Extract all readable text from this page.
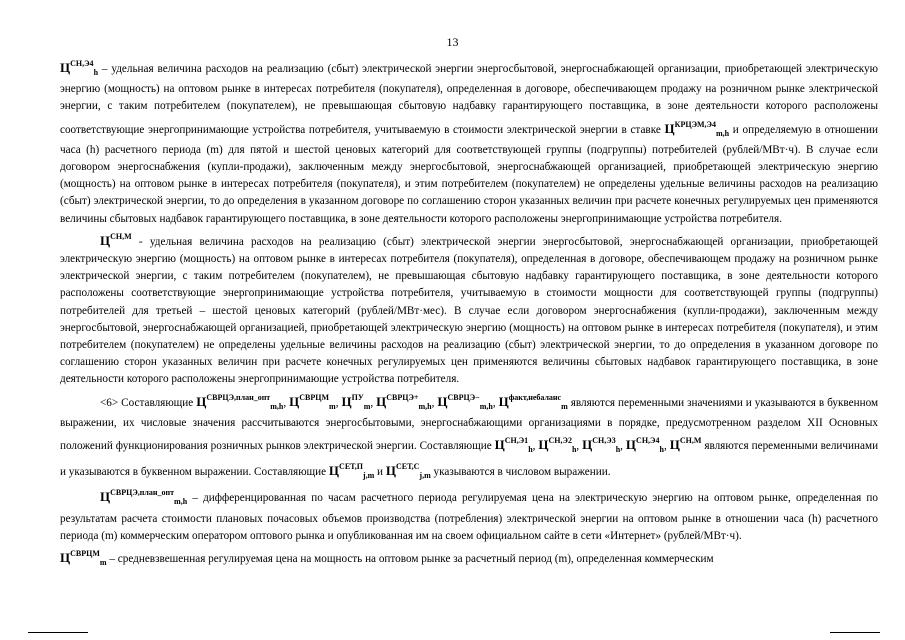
13

$Ц^{СН,Э4}_h$ – удельная величина расходов на реализацию (сбыт) электрической энергии энергосбытовой, энергоснабжающей организации, приобретающей электрическую энергию (мощность) на оптовом рынке в интересах потребителя (покупателя), определенная в договоре, обеспечивающем продажу на розничном рынке электрической энергии, с таким потребителем (покупателем), не превышающая сбытовую надбавку гарантирующего поставщика, в зоне деятельности которого расположены соответствующие энергопринимающие устройства потребителя, учитываемую в стоимости электрической энергии в ставке $Ц^{КРЦЭМ,Э4}_{m,h}$ и определяемую в отношении часа (h) расчетного периода (m) для пятой и шестой ценовых категорий для соответствующей группы (подгруппы) потребителей (рублей/МВт·ч). В случае если договором энергоснабжения (купли-продажи), заключенным между энергосбытовой, энергоснабжающей организацией, приобретающей электрическую энергию (мощность) на оптовом рынке в интересах потребителя (покупателя), и этим потребителем (покупателем) не определены удельные величины расходов на реализацию (сбыт) электрической энергии, то до определения в указанном договоре по соглашению сторон указанных величин при расчете конечных регулируемых цен применяются величины сбытовых надбавок гарантирующего поставщика, в зоне деятельности которого расположены энергопринимающие устройства потребителя.

$Ц^{СН,М}$ - удельная величина расходов на реализацию (сбыт) электрической энергии энергосбытовой, энергоснабжающей организации, приобретающей электрическую энергию (мощность) на оптовом рынке в интересах потребителя (покупателя), определенная в договоре, обеспечивающем продажу на розничном рынке электрической энергии, с таким потребителем (покупателем), не превышающая сбытовую надбавку гарантирующего поставщика, в зоне деятельности которого расположены соответствующие энергопринимающие устройства потребителя, учитываемую в стоимости мощности для соответствующей группы (подгруппы) потребителей для третьей – шестой ценовых категорий (рублей/МВт·мес). В случае если договором энергоснабжения (купли-продажи), заключенным между энергосбытовой, энергоснабжающей организацией, приобретающей электрическую энергию (мощность) на оптовом рынке в интересах потребителя (покупателя), и этим потребителем (покупателем) не определены удельные величины расходов на реализацию (сбыт) электрической энергии, то до определения в указанном договоре по соглашению сторон указанных величин при расчете конечных регулируемых цен применяются величины сбытовых надбавок гарантирующего поставщика, в зоне деятельности которого расположены энергопринимающие устройства потребителя.

<6> Составляющие $Ц^{СВРЦЭ,план\_опт}_{m,h}$, $Ц^{СВРЦМ}_m$, $Ц^{ПУ}_m$, $Ц^{СВРЦЭ+}_{m,h}$, $Ц^{СВРЦЭ-}_{m,h}$, $Ц^{факт,небаланс}_m$ являются переменными значениями и указываются в буквенном выражении, их числовые значения рассчитываются энергосбытовыми, энергоснабжающими организациями в порядке, предусмотренном разделом XII Основных положений функционирования розничных рынков электрической энергии. Составляющие $Ц^{СН,Э1}_h$, $Ц^{СН,Э2}_h$, $Ц^{СН,Э3}_h$, $Ц^{СН,Э4}_h$, $Ц^{СН,М}$ являются переменными величинами и указываются в буквенном выражении. Составляющие $Ц^{СЕТ,П}_{j,m}$ и $Ц^{СЕТ,С}_{j,m}$ указываются в числовом выражении.

$Ц^{СВРЦЭ,план\_опт}_{m,h}$ – дифференцированная по часам расчетного периода регулируемая цена на электрическую энергию на оптовом рынке, определенная по результатам расчета стоимости плановых почасовых объемов производства (потребления) электрической энергии на оптовом рынке в отношении часа (h) расчетного периода (m) коммерческим оператором оптового рынка и опубликованная им на своем официальном сайте в сети «Интернет» (рублей/МВт·ч).

$Ц^{СВРЦМ}_m$ – средневзвешенная регулируемая цена на мощность на оптовом рынке за расчетный период (m), определенная коммерческим
